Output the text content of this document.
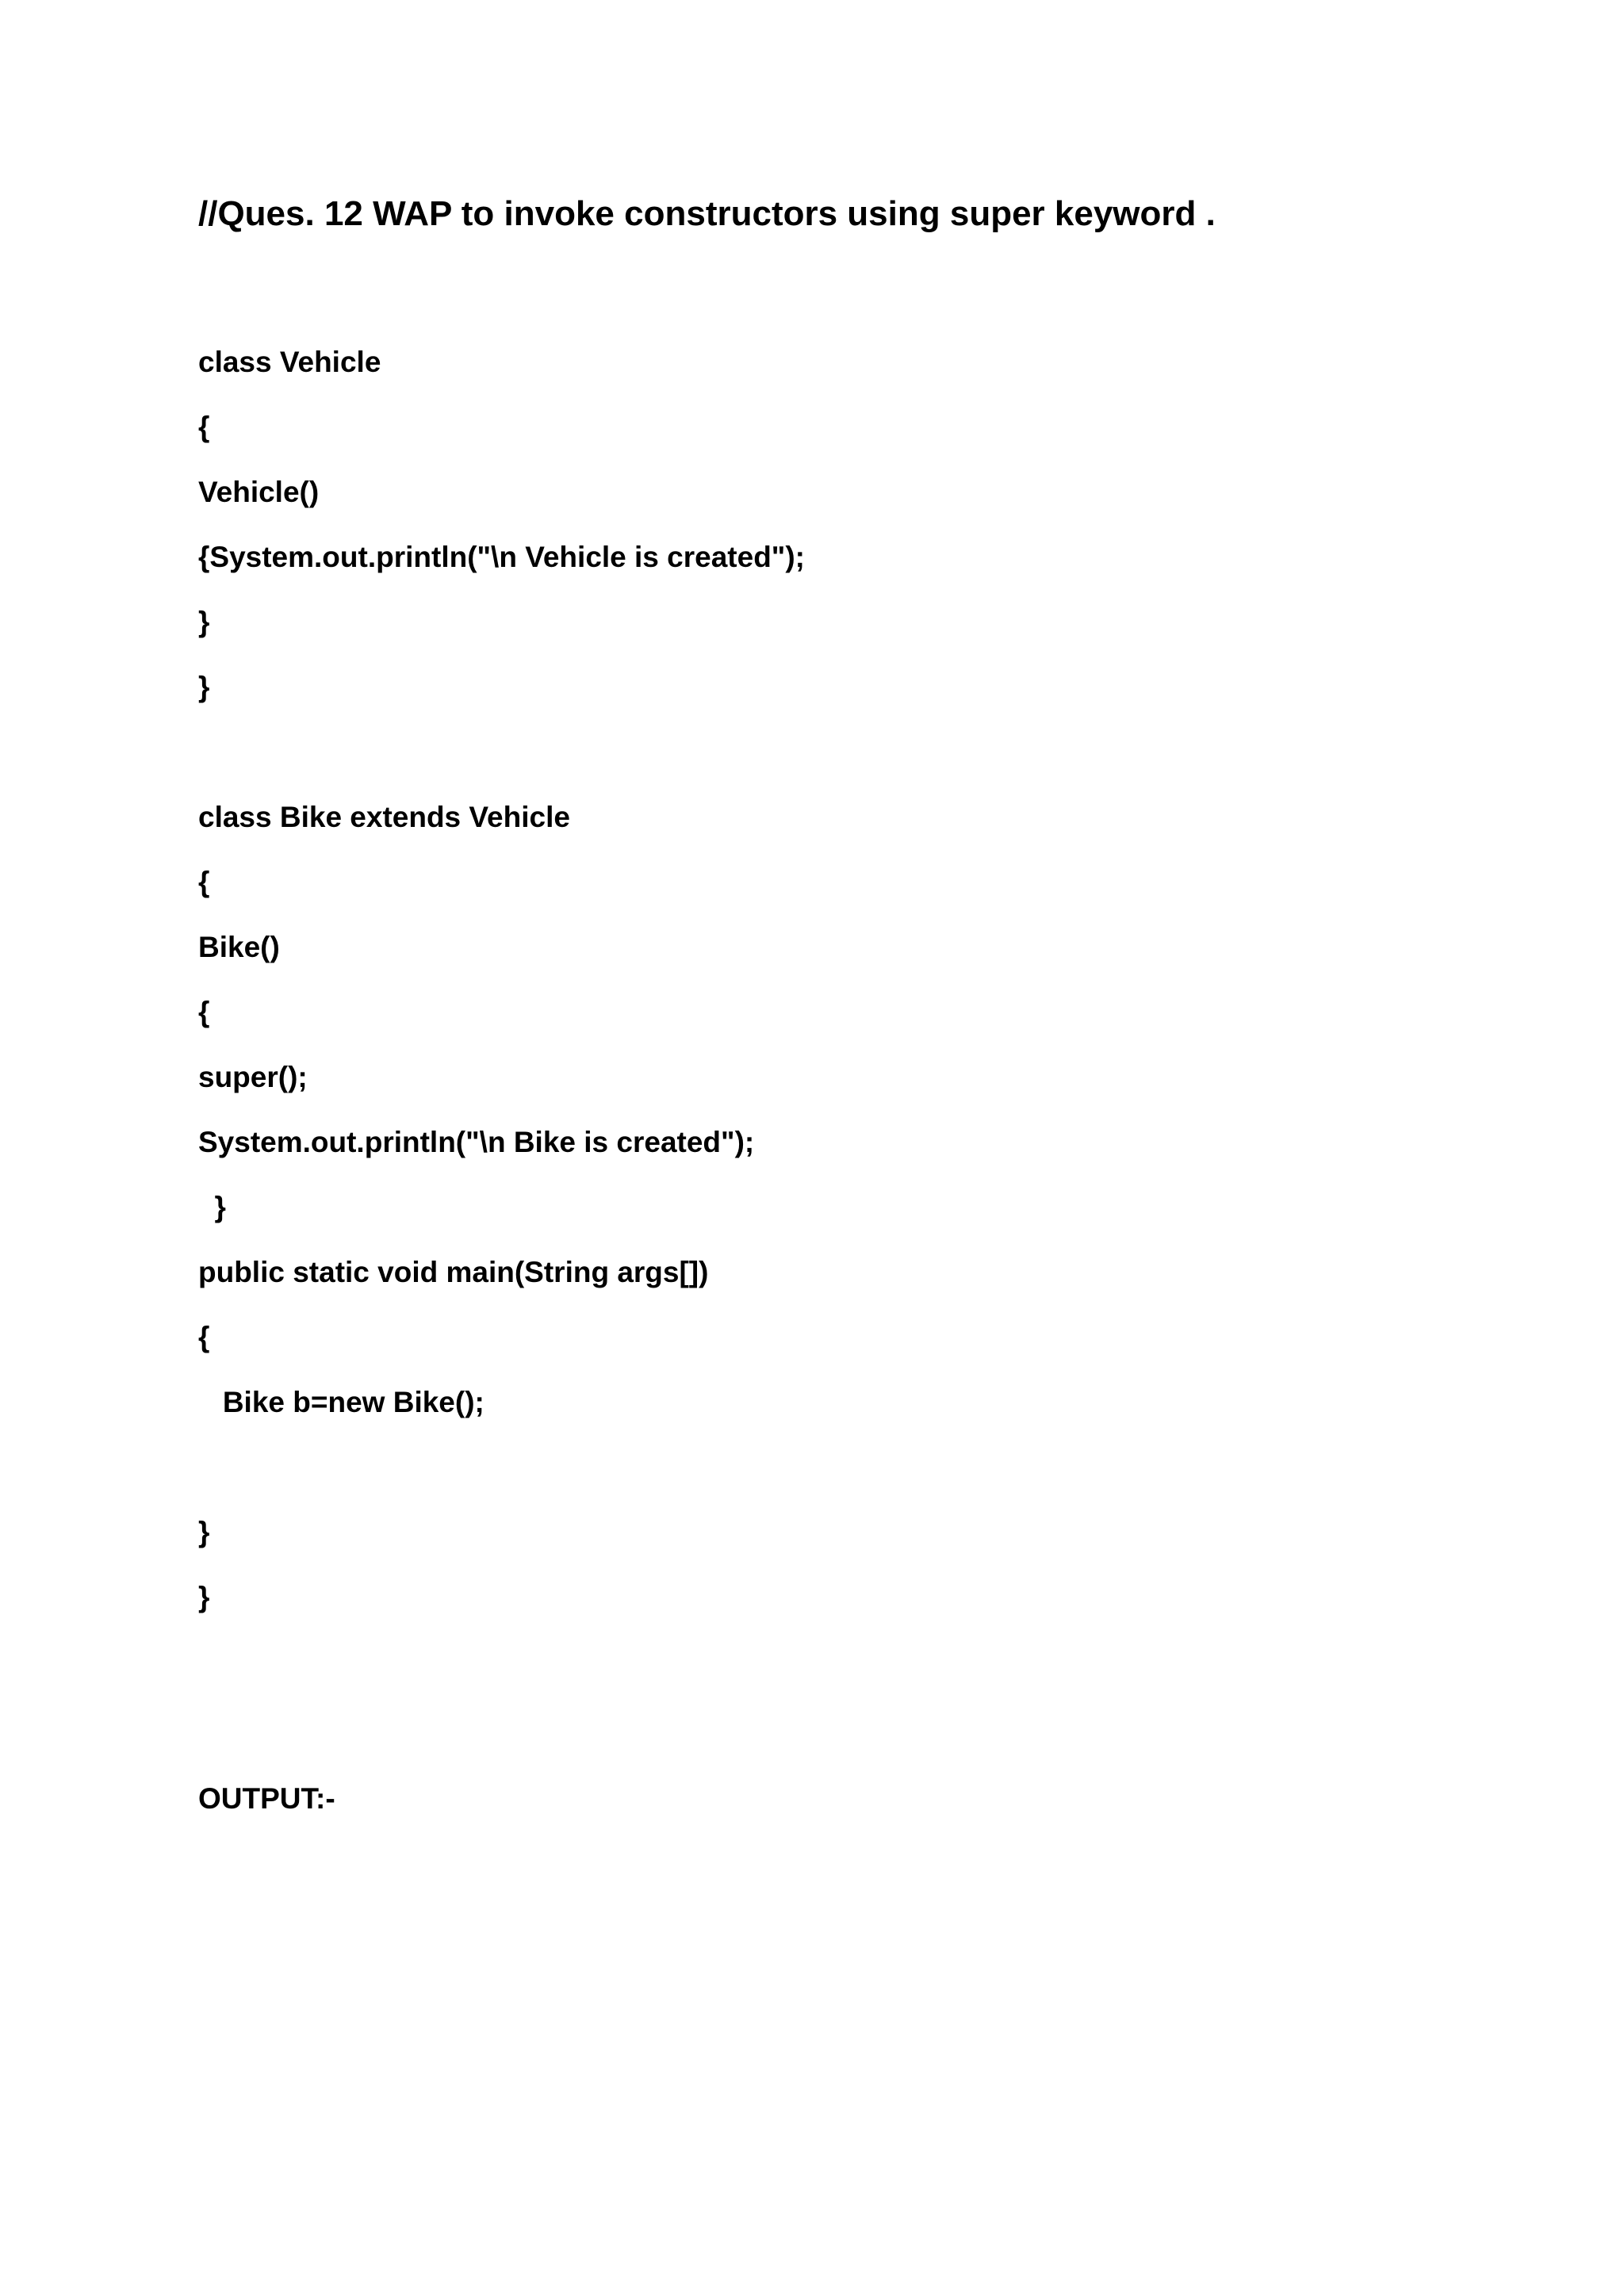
//Ques. 12 WAP to invoke constructors using super keyword .
class Vehicle
{
Vehicle()
{System.out.println("\n Vehicle is created");
}
}
class Bike extends Vehicle
{
Bike()
{
super();
System.out.println("\n Bike is created");
}
public static void main(String args[])
{
Bike b=new Bike();
}
}
OUTPUT:-
